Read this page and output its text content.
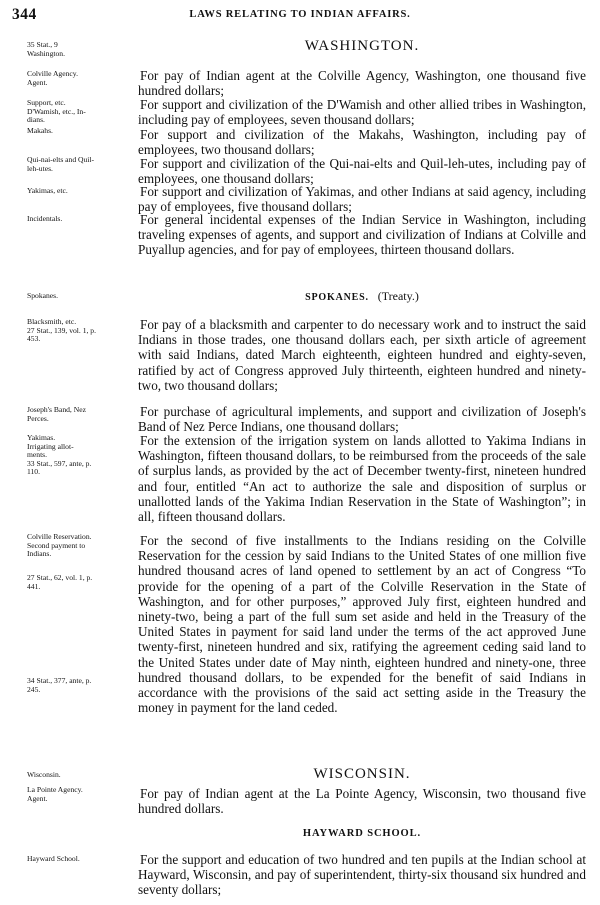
344	LAWS RELATING TO INDIAN AFFAIRS.
35 Stat., 9
Washington.	WASHINGTON.
Colville Agency.
Agent.	For pay of Indian agent at the Colville Agency, Washington, one thousand five hundred dollars;

Support, etc.
D'Wamish, etc., In-
dians.

For support and civilization of the D'Wamish and other allied tribes in Washington, including pay of employees, seven thousand dollars;

Makahs.	For support and civilization of the Makahs, Washington, including pay of employees, two thousand dollars;

Qui-nai-elts and Quil-
leh-utes.	For support and civilization of the Qui-nai-elts and Quil-leh-utes, including pay of employees, one thousand dollars;

Yakimas, etc.	For support and civilization of Yakimas, and other Indians at said agency, including pay of employees, five thousand dollars;

Incidentals.	For general incidental expenses of the Indian Service in Washington, including traveling expenses of agents, and support and civilization of Indians at Colville and Puyallup agencies, and for pay of employees, thirteen thousand dollars.

Spokanes.	SPOKANES. (Treaty.)
Blacksmith, etc.
27 Stat., 139, vol. 1, p.
453.

For pay of a blacksmith and carpenter to do necessary work and to instruct the said Indians in those trades, one thousand dollars each, per sixth article of agreement with said Indians, dated March eighteenth, eighteen hundred and eighty-seven, ratified by act of Congress approved July thirteenth, eighteen hundred and ninety-two, two thousand dollars;

Joseph's Band, Nez
Perces.	For purchase of agricultural implements, and support and civilization of Joseph's Band of Nez Perce Indians, one thousand dollars;

Yakimas.
Irrigating allot-
ments.
33 Stat., 597, ante, p.
110.

For the extension of the irrigation system on lands allotted to Yakima Indians in Washington, fifteen thousand dollars, to be reimbursed from the proceeds of the sale of surplus lands, as provided by the act of December twenty-first, nineteen hundred and four, entitled “An act to authorize the sale and disposition of surplus or unallotted lands of the Yakima Indian Reservation in the State of Washington”; in all, fifteen thousand dollars.

Colville Reservation.
Second payment to
Indians.
27 Stat., 62, vol. 1, p.
441.
34 Stat., 377, ante, p.
245.

For the second of five installments to the Indians residing on the Colville Reservation for the cession by said Indians to the United States of one million five hundred thousand acres of land opened to settlement by an act of Congress “To provide for the opening of a part of the Colville Reservation in the State of Washington, and for other purposes,” approved July first, eighteen hundred and ninety-two, being a part of the full sum set aside and held in the Treasury of the United States in payment for said land under the terms of the act approved June twenty-first, nineteen hundred and six, ratifying the agreement ceding said land to the United States under date of May ninth, eighteen hundred and ninety-one, three hundred thousand dollars, to be expended for the benefit of said Indians in accordance with the provisions of the said act setting aside in the Treasury the money in payment for the land ceded.

Wisconsin.	WISCONSIN.
La Pointe Agency.
Agent.	For pay of Indian agent at the La Pointe Agency, Wisconsin, two thousand five hundred dollars.

HAYWARD SCHOOL.
Hayward School.	For the support and education of two hundred and ten pupils at the Indian school at Hayward, Wisconsin, and pay of superintendent, thirty-six thousand six hundred and seventy dollars;
